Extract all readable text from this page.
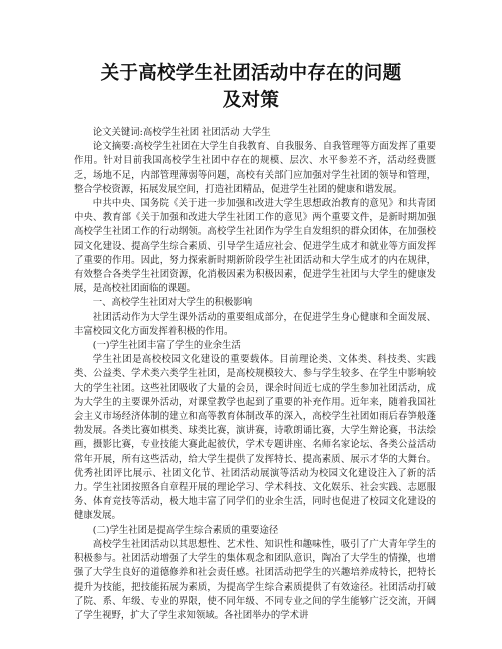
关于高校学生社团活动中存在的问题
及对策

论文关键词:高校学生社团 社团活动 大学生

论文摘要:高校学生社团在大学生自我教育、自我服务、自我管理等方面发挥了重要作用。针对目前我国高校学生社团中存在的规模、层次、水平参差不齐，活动经费匮乏，场地不足，内部管理薄弱等问题，高校有关部门应加强对学生社团的领导和管理，整合学校资源，拓展发展空间，打造社团精品，促进学生社团的健康和谐发展。

中共中央、国务院《关于进一步加强和改进大学生思想政治教育的意见》和共青团中央、教育部《关于加强和改进大学生社团工作的意见》两个重要文件，是新时期加强高校学生社团工作的行动纲领。高校学生社团作为学生自发组织的群众团体，在加强校园文化建设、提高学生综合素质、引导学生适应社会、促进学生成才和就业等方面发挥了重要的作用。因此，努力探索新时期新阶段学生社团活动和大学生成才的内在规律，有效整合各类学生社团资源，化消极因素为积极因素，促进学生社团与大学生的健康发展，是高校社团面临的课题。

一、高校学生社团对大学生的积极影响

社团活动作为大学生课外活动的重要组成部分，在促进学生身心健康和全面发展、丰富校园文化方面发挥着积极的作用。

(一)学生社团丰富了学生的业余生活

学生社团是高校校园文化建设的重要载体。目前理论类、文体类、科技类、实践类、公益类、学术类六类学生社团，是高校规模较大、参与学生较多、在学生中影响较大的学生社团。这些社团吸收了大量的会员，课余时间近七成的学生参加社团活动，成为大学生的主要课外活动，对课堂教学也起到了重要的补充作用。近年来，随着我国社会主义市场经济体制的建立和高等教育体制改革的深入，高校学生社团如雨后春笋般蓬勃发展。各类比赛如棋类、球类比赛，演讲赛，诗歌朗诵比赛，大学生辩论赛，书法绘画，摄影比赛，专业技能大赛此起彼伏，学术专题讲座、名师名家论坛、各类公益活动常年开展，所有这些活动，给大学生提供了发挥特长、提高素质、展示才华的大舞台。优秀社团评比展示、社团文化节、社团活动展演等活动为校园文化建设注入了新的活力。学生社团按照各自章程开展的理论学习、学术科技、文化娱乐、社会实践、志愿服务、体育竞技等活动，极大地丰富了同学们的业余生活，同时也促进了校园文化建设的健康发展。

(二)学生社团是提高学生综合素质的重要途径

高校学生社团活动以其思想性、艺术性、知识性和趣味性，吸引了广大青年学生的积极参与。社团活动增强了大学生的集体观念和团队意识，陶冶了大学生的情操，也增强了大学生良好的道德修养和社会责任感。社团活动把学生的兴趣培养成特长，把特长提升为技能，把技能拓展为素质，为提高学生综合素质提供了有效途径。社团活动打破了院、系、年级、专业的界限，使不同年级、不同专业之间的学生能够广泛交流，开阔了学生视野，扩大了学生求知领域。各社团举办的学术讲
